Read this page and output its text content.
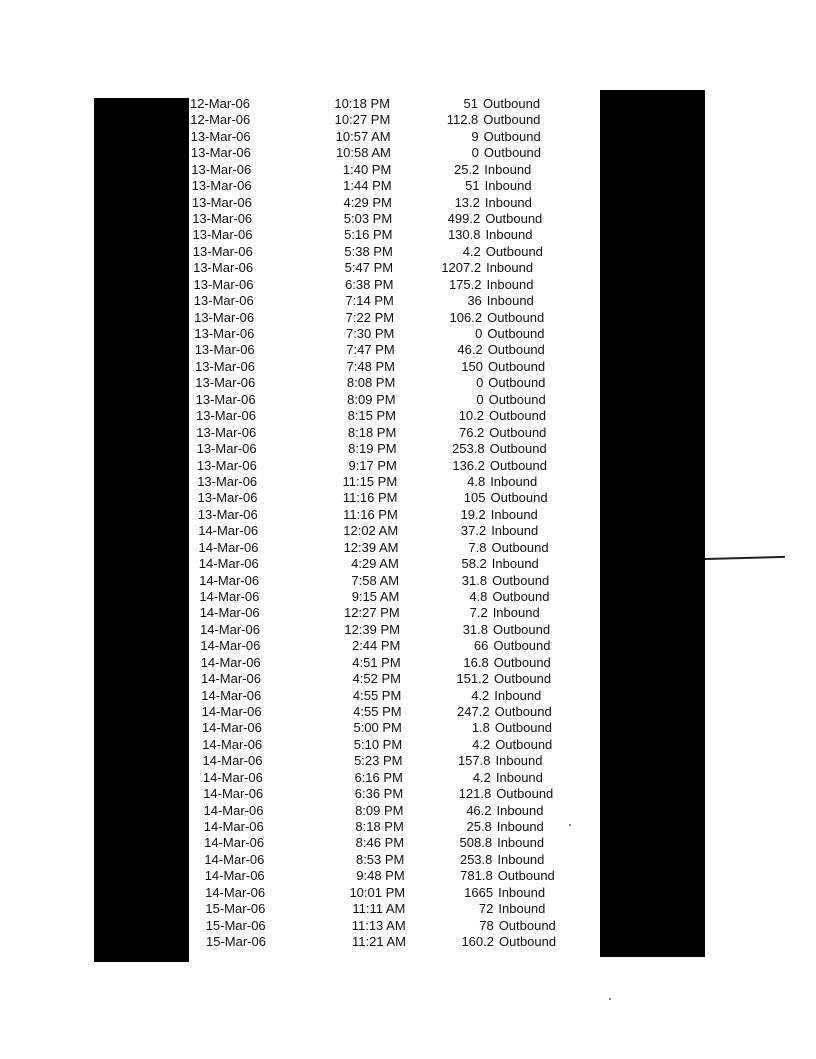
12-Mar-06	10:18 PM	51 Outbound
12-Mar-06	10:27 PM	112.8 Outbound
13-Mar-06	10:57 AM	9 Outbound
13-Mar-06	10:58 AM	0 Outbound
13-Mar-06	1:40 PM	25.2 Inbound
13-Mar-06	1:44 PM	51 Inbound
13-Mar-06	4:29 PM	13.2 Inbound
13-Mar-06	5:03 PM	499.2 Outbound
13-Mar-06	5:16 PM	130.8 Inbound
13-Mar-06	5:38 PM	4.2 Outbound
13-Mar-06	5:47 PM	1207.2 Inbound
13-Mar-06	6:38 PM	175.2 Inbound
13-Mar-06	7:14 PM	36 Inbound
13-Mar-06	7:22 PM	106.2 Outbound
13-Mar-06	7:30 PM	0 Outbound
13-Mar-06	7:47 PM	46.2 Outbound
13-Mar-06	7:48 PM	150 Outbound
13-Mar-06	8:08 PM	0 Outbound
13-Mar-06	8:09 PM	0 Outbound
13-Mar-06	8:15 PM	10.2 Outbound
13-Mar-06	8:18 PM	76.2 Outbound
13-Mar-06	8:19 PM	253.8 Outbound
13-Mar-06	9:17 PM	136.2 Outbound
13-Mar-06	11:15 PM	4.8 Inbound
13-Mar-06	11:16 PM	105 Outbound
13-Mar-06	11:16 PM	19.2 Inbound
14-Mar-06	12:02 AM	37.2 Inbound
14-Mar-06	12:39 AM	7.8 Outbound
14-Mar-06	4:29 AM	58.2 Inbound
14-Mar-06	7:58 AM	31.8 Outbound
14-Mar-06	9:15 AM	4.8 Outbound
14-Mar-06	12:27 PM	7.2 Inbound
14-Mar-06	12:39 PM	31.8 Outbound
14-Mar-06	2:44 PM	66 Outbound
14-Mar-06	4:51 PM	16.8 Outbound
14-Mar-06	4:52 PM	151.2 Outbound
14-Mar-06	4:55 PM	4.2 Inbound
14-Mar-06	4:55 PM	247.2 Outbound
14-Mar-06	5:00 PM	1.8 Outbound
14-Mar-06	5:10 PM	4.2 Outbound
14-Mar-06	5:23 PM	157.8 Inbound
14-Mar-06	6:16 PM	4.2 Inbound
14-Mar-06	6:36 PM	121.8 Outbound
14-Mar-06	8:09 PM	46.2 Inbound
14-Mar-06	8:18 PM	25.8 Inbound
14-Mar-06	8:46 PM	508.8 Inbound
14-Mar-06	8:53 PM	253.8 Inbound
14-Mar-06	9:48 PM	781.8 Outbound
14-Mar-06	10:01 PM	1665 Inbound
15-Mar-06	11:11 AM	72 Inbound
15-Mar-06	11:13 AM	78 Outbound
15-Mar-06	11:21 AM	160.2 Outbound
